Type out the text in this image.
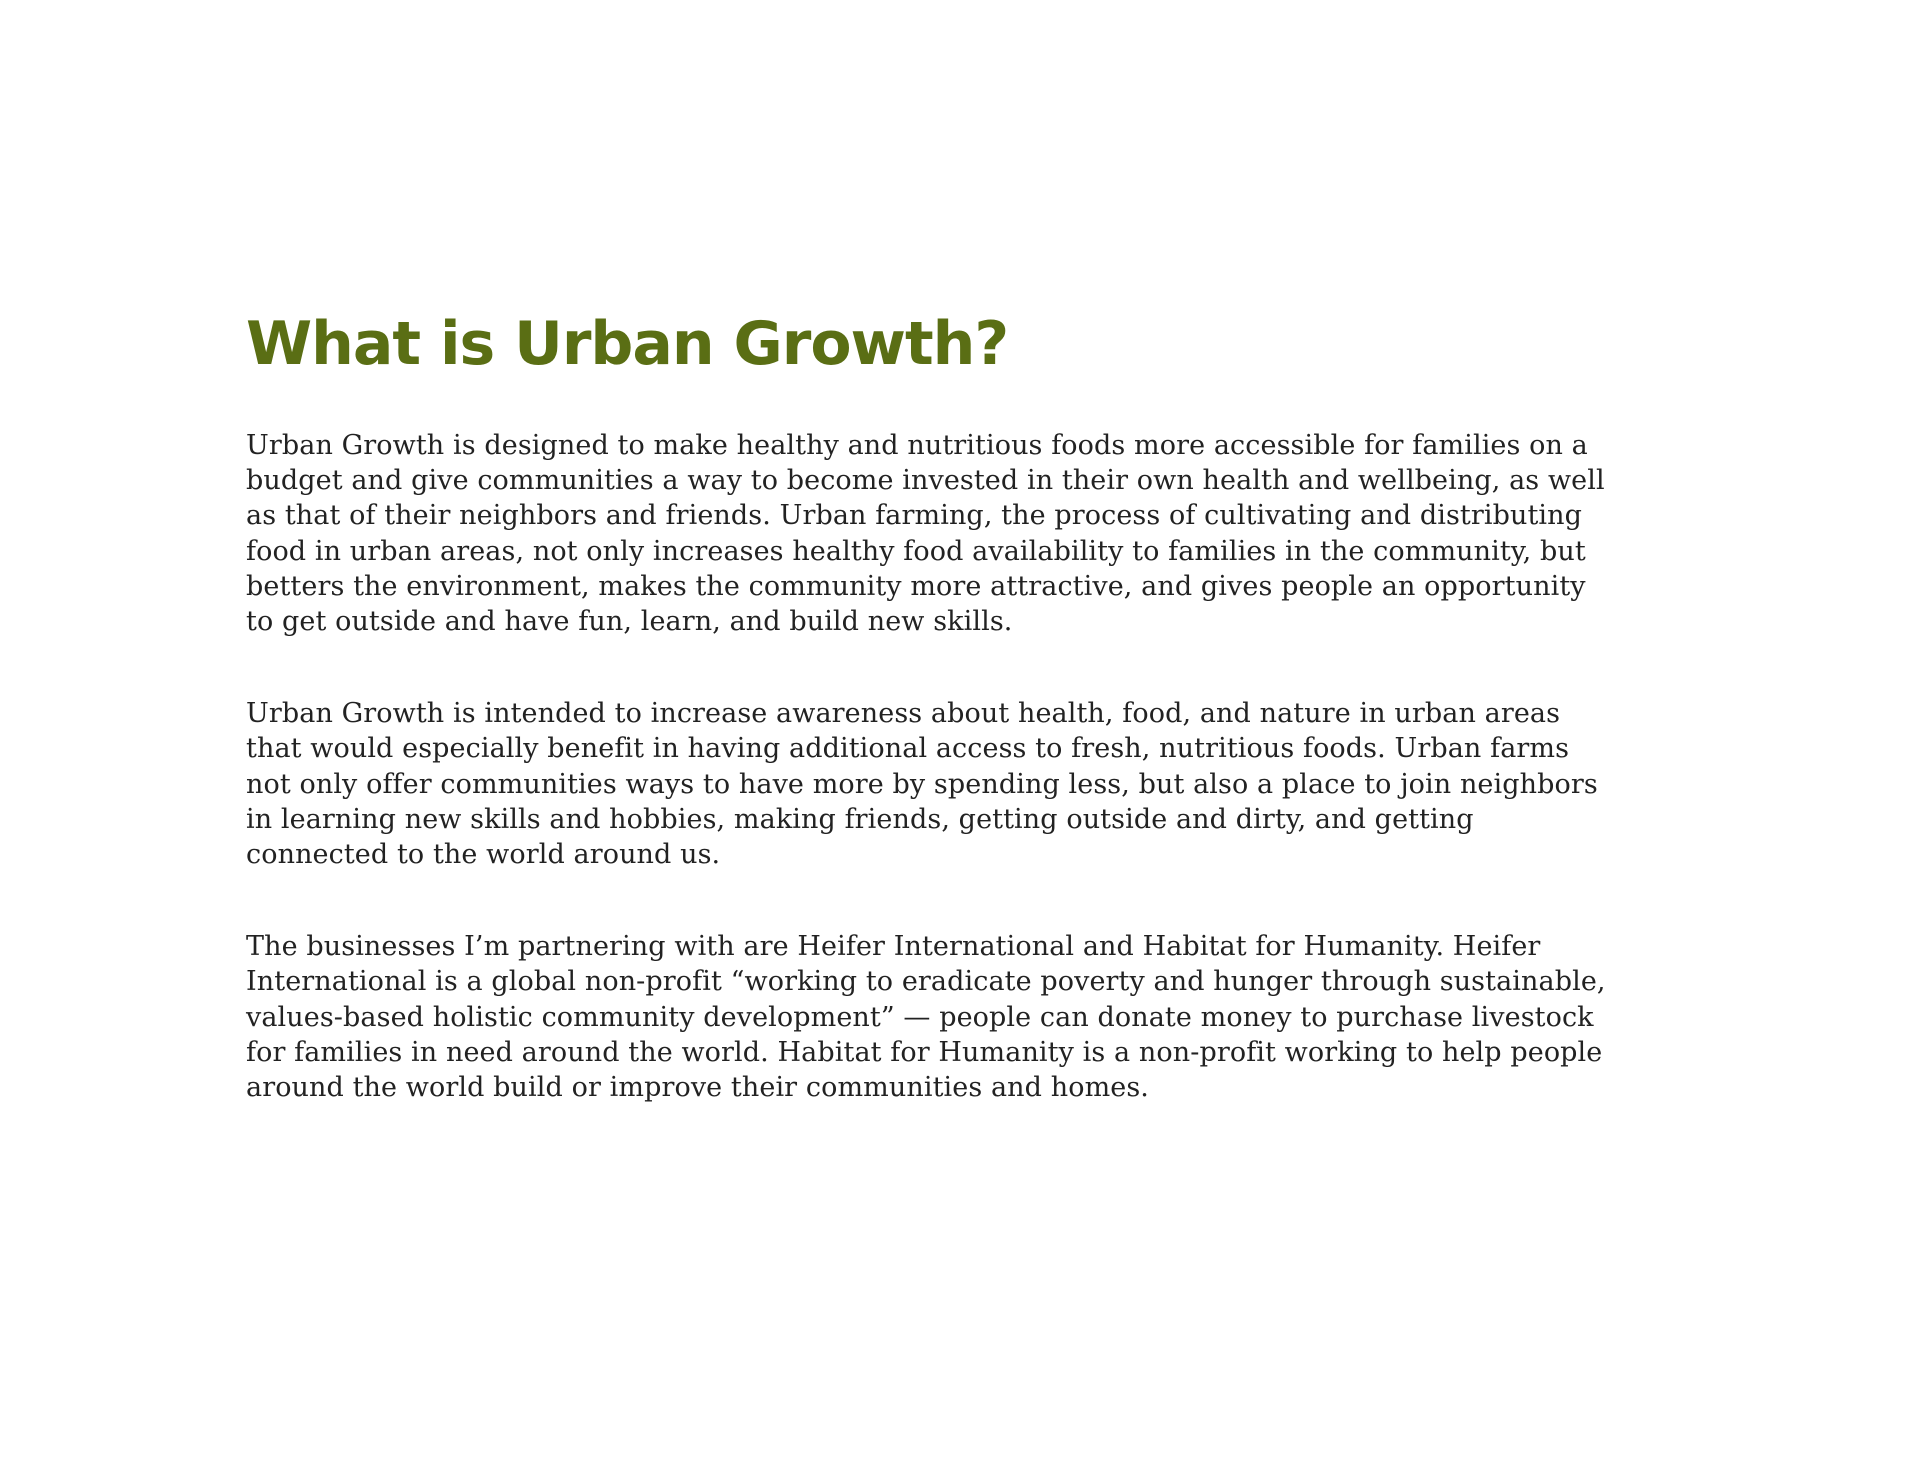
What is Urban Growth?

Urban Growth is designed to make healthy and nutritious foods more accessible for families on a
budget and give communities a way to become invested in their own health and wellbeing, as well
as that of their neighbors and friends. Urban farming, the process of cultivating and distributing
food in urban areas, not only increases healthy food availability to families in the community, but
betters the environment, makes the community more attractive, and gives people an opportunity
to get outside and have fun, learn, and build new skills.

Urban Growth is intended to increase awareness about health, food, and nature in urban areas
that would especially benefit in having additional access to fresh, nutritious foods. Urban farms
not only offer communities ways to have more by spending less, but also a place to join neighbors
in learning new skills and hobbies, making friends, getting outside and dirty, and getting
connected to the world around us.

The businesses I’m partnering with are Heifer International and Habitat for Humanity. Heifer
International is a global non-profit “working to eradicate poverty and hunger through sustainable,
values-based holistic community development” — people can donate money to purchase livestock
for families in need around the world. Habitat for Humanity is a non-profit working to help people
around the world build or improve their communities and homes.
